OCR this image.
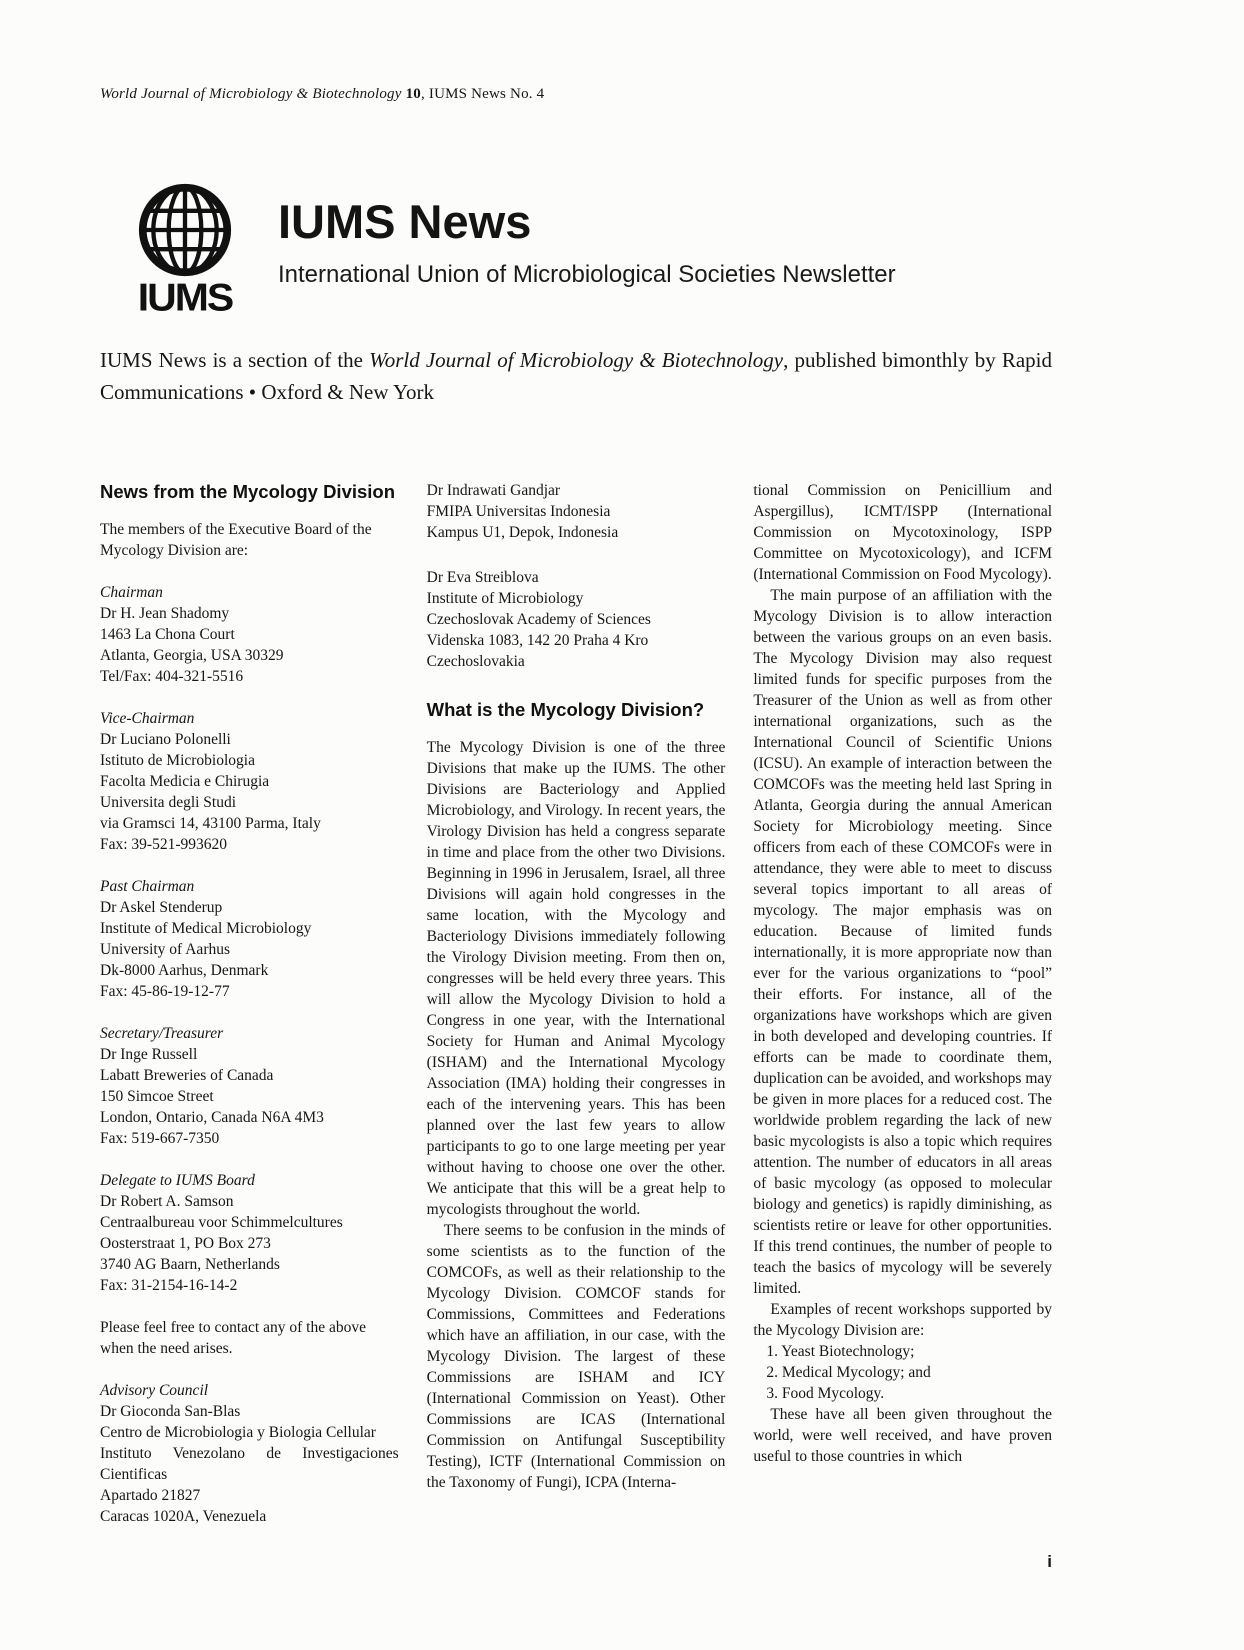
World Journal of Microbiology & Biotechnology 10, IUMS News No. 4
IUMS
IUMS News
International Union of Microbiological Societies Newsletter

IUMS News is a section of the World Journal of Microbiology & Biotechnology, published bimonthly by Rapid Communications • Oxford & New York

News from the Mycology Division

The members of the Executive Board of the Mycology Division are:

Chairman
Dr H. Jean Shadomy
1463 La Chona Court
Atlanta, Georgia, USA 30329
Tel/Fax: 404-321-5516
Vice-Chairman
Dr Luciano Polonelli
Istituto de Microbiologia
Facolta Medicia e Chirugia
Universita degli Studi
via Gramsci 14, 43100 Parma, Italy
Fax: 39-521-993620
Past Chairman
Dr Askel Stenderup
Institute of Medical Microbiology
University of Aarhus
Dk-8000 Aarhus, Denmark
Fax: 45-86-19-12-77
Secretary/Treasurer
Dr Inge Russell
Labatt Breweries of Canada
150 Simcoe Street
London, Ontario, Canada N6A 4M3
Fax: 519-667-7350
Delegate to IUMS Board
Dr Robert A. Samson
Centraalbureau voor Schimmelcultures
Oosterstraat 1, PO Box 273
3740 AG Baarn, Netherlands
Fax: 31-2154-16-14-2

Please feel free to contact any of the above when the need arises.

Advisory Council
Dr Gioconda San-Blas
Centro de Microbiologia y Biologia Cellular
Instituto Venezolano de Investigaciones Cientificas
Apartado 21827
Caracas 1020A, Venezuela
Dr Indrawati Gandjar
FMIPA Universitas Indonesia
Kampus U1, Depok, Indonesia
Dr Eva Streiblova
Institute of Microbiology
Czechoslovak Academy of Sciences
Videnska 1083, 142 20 Praha 4 Kro
Czechoslovakia
What is the Mycology Division?

The Mycology Division is one of the three Divisions that make up the IUMS. The other Divisions are Bacteriology and Applied Microbiology, and Virology. In recent years, the Virology Division has held a congress separate in time and place from the other two Divisions. Beginning in 1996 in Jerusalem, Israel, all three Divisions will again hold congresses in the same location, with the Mycology and Bacteriology Divisions immediately following the Virology Division meeting. From then on, congresses will be held every three years. This will allow the Mycology Division to hold a Congress in one year, with the International Society for Human and Animal Mycology (ISHAM) and the International Mycology Association (IMA) holding their congresses in each of the intervening years. This has been planned over the last few years to allow participants to go to one large meeting per year without having to choose one over the other. We anticipate that this will be a great help to mycologists throughout the world.

There seems to be confusion in the minds of some scientists as to the function of the COMCOFs, as well as their relationship to the Mycology Division. COMCOF stands for Commissions, Committees and Federations which have an affiliation, in our case, with the Mycology Division. The largest of these Commissions are ISHAM and ICY (International Commission on Yeast). Other Commissions are ICAS (International Commission on Antifungal Susceptibility Testing), ICTF (International Commission on the Taxonomy of Fungi), ICPA (Interna-

tional Commission on Penicillium and Aspergillus), ICMT/ISPP (International Commission on Mycotoxinology, ISPP Committee on Mycotoxicology), and ICFM (International Commission on Food Mycology).

The main purpose of an affiliation with the Mycology Division is to allow interaction between the various groups on an even basis. The Mycology Division may also request limited funds for specific purposes from the Treasurer of the Union as well as from other international organizations, such as the International Council of Scientific Unions (ICSU). An example of interaction between the COMCOFs was the meeting held last Spring in Atlanta, Georgia during the annual American Society for Microbiology meeting. Since officers from each of these COMCOFs were in attendance, they were able to meet to discuss several topics important to all areas of mycology. The major emphasis was on education. Because of limited funds internationally, it is more appropriate now than ever for the various organizations to “pool” their efforts. For instance, all of the organizations have workshops which are given in both developed and developing countries. If efforts can be made to coordinate them, duplication can be avoided, and workshops may be given in more places for a reduced cost. The worldwide problem regarding the lack of new basic mycologists is also a topic which requires attention. The number of educators in all areas of basic mycology (as opposed to molecular biology and genetics) is rapidly diminishing, as scientists retire or leave for other opportunities. If this trend continues, the number of people to teach the basics of mycology will be severely limited.

Examples of recent workshops supported by the Mycology Division are:

1. Yeast Biotechnology;
2. Medical Mycology; and
3. Food Mycology.

These have all been given throughout the world, were well received, and have proven useful to those countries in which

i
